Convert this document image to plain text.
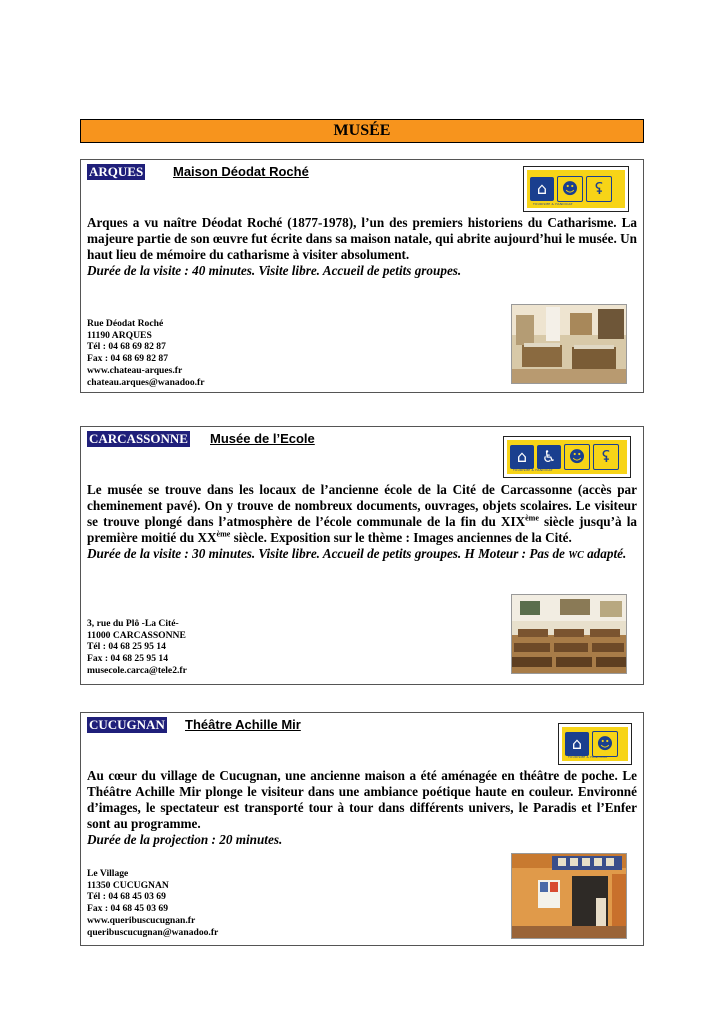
MUSÉE
ARQUES Maison Déodat Roché
⌂ ☻	ʢ
TOURISME & HANDICAP

Arques a vu naître Déodat Roché (1877-1978), l’un des premiers historiens du Catharisme. La majeure partie de son œuvre fut écrite dans sa maison natale, qui abrite aujourd’hui le musée. Un haut lieu de mémoire du catharisme à visiter absolument.

Durée de la visite : 40 minutes. Visite libre. Accueil de petits groupes.

Rue Déodat Roché
11190 ARQUES
Tél : 04 68 69 82 87
Fax : 04 68 69 82 87
www.chateau-arques.fr
chateau.arques@wanadoo.fr
CARCASSONNE Musée de l’Ecole
⌂ ♿ ☻	ʢ
TOURISME & HANDICAP

Le musée se trouve dans les locaux de l’ancienne école de la Cité de Carcassonne (accès par cheminement pavé). On y trouve de nombreux documents, ouvrages, objets scolaires. Le visiteur se trouve plongé dans l’atmosphère de l’école communale de la fin du XIXème siècle jusqu’à la première moitié du XXème siècle. Exposition sur le thème : Images anciennes de la Cité.

Durée de la visite : 30 minutes. Visite libre. Accueil de petits groupes. H Moteur : Pas de WC adapté.

3, rue du Plô -La Cité-
11000 CARCASSONNE
Tél : 04 68 25 95 14
Fax : 04 68 25 95 14
musecole.carca@tele2.fr
CUCUGNAN Théâtre Achille Mir
⌂ ☻
TOURISME & HANDICAP

Au cœur du village de Cucugnan, une ancienne maison a été aménagée en théâtre de poche. Le Théâtre Achille Mir plonge le visiteur dans une ambiance poétique haute en couleur. Environné d’images, le spectateur est transporté tour à tour dans différents univers, le Paradis et l’Enfer sont au programme.

Durée de la projection : 20 minutes.

Le Village
11350 CUCUGNAN
Tél : 04 68 45 03 69
Fax : 04 68 45 03 69
www.queribuscucugnan.fr
queribuscucugnan@wanadoo.fr
